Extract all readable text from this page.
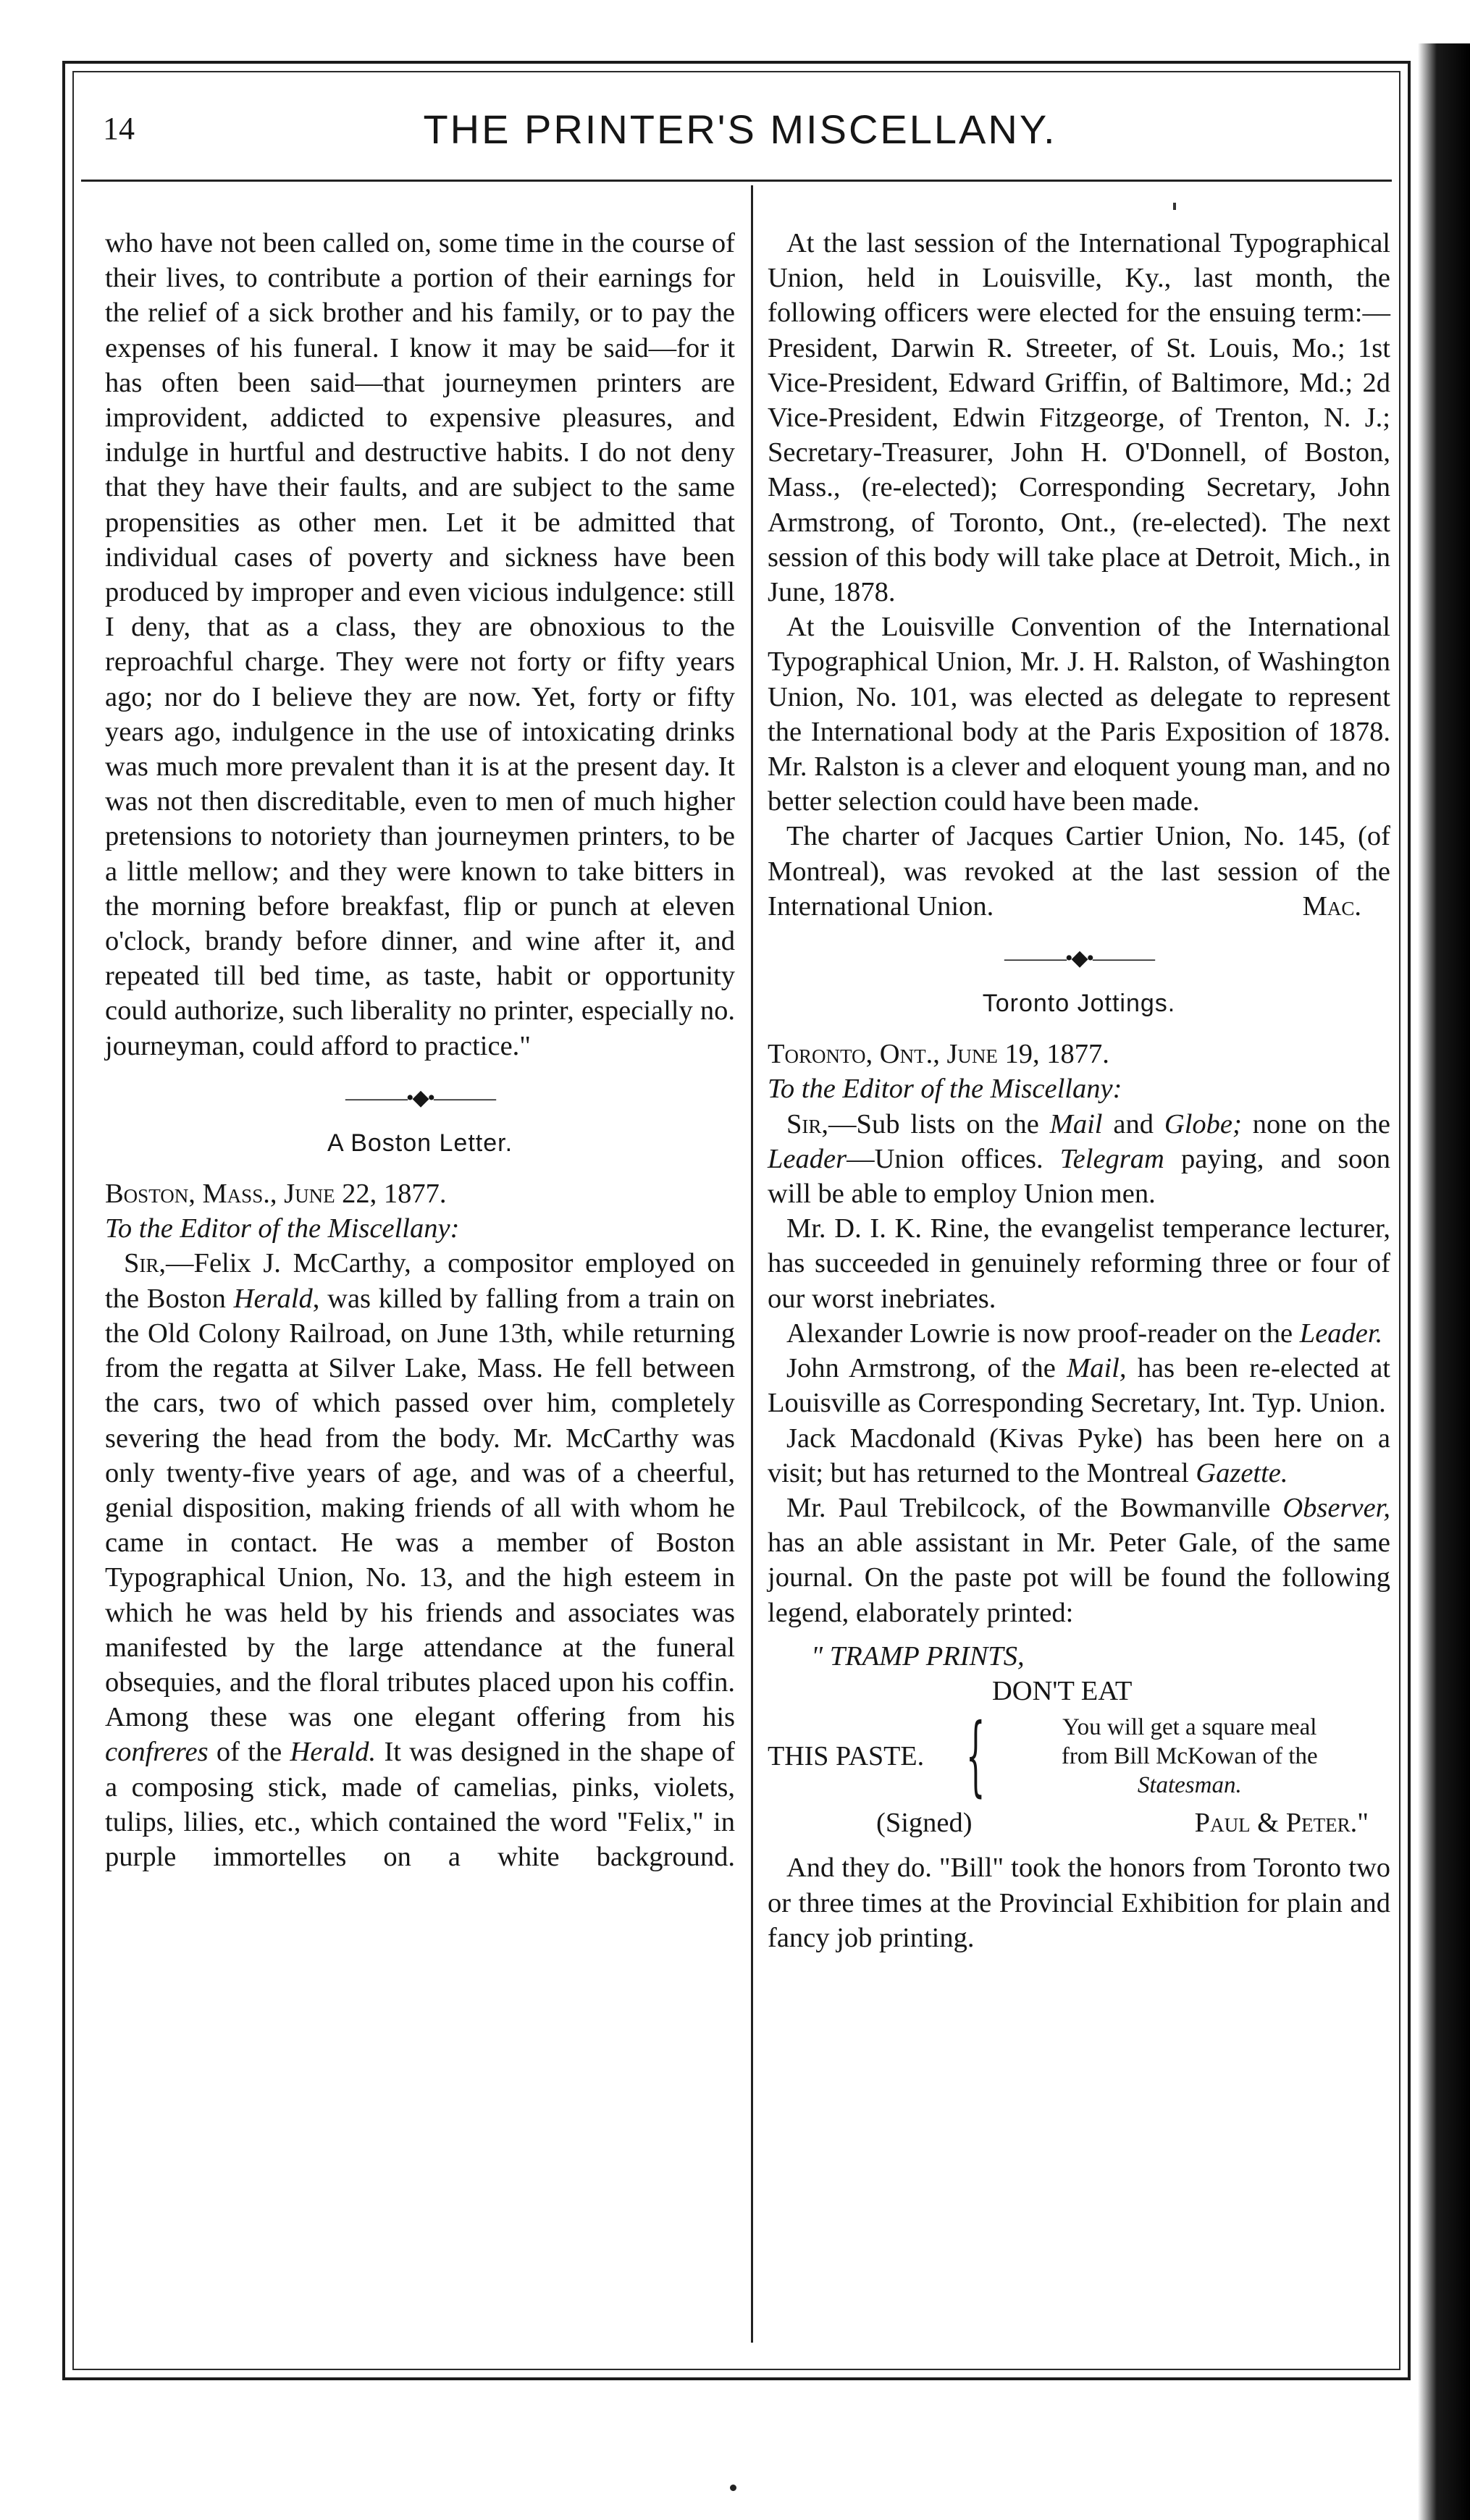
14	THE PRINTER'S MISCELLANY.

who have not been called on, some time in the course of their lives, to contribute a portion of their earnings for the relief of a sick brother and his family, or to pay the expenses of his funeral. I know it may be said—for it has often been said—that journeymen printers are improvident, addicted to expensive pleasures, and indulge in hurtful and destructive habits. I do not deny that they have their faults, and are subject to the same propensities as other men. Let it be admitted that individual cases of poverty and sickness have been produced by improper and even vicious indulgence: still I deny, that as a class, they are obnoxious to the reproachful charge. They were not forty or fifty years ago; nor do I believe they are now. Yet, forty or fifty years ago, indulgence in the use of intoxicating drinks was much more prevalent than it is at the present day. It was not then discreditable, even to men of much higher pretensions to notoriety than journeymen printers, to be a little mellow; and they were known to take bitters in the morning before breakfast, flip or punch at eleven o'clock, brandy before dinner, and wine after it, and repeated till bed time, as taste, habit or opportunity could authorize, such liberality no printer, especially no. journeyman, could afford to practice."

———•◆•———
A Boston Letter.

Boston, Mass., June 22, 1877.

To the Editor of the Miscellany:

Sir,—Felix J. McCarthy, a compositor employed on the Boston Herald, was killed by falling from a train on the Old Colony Railroad, on June 13th, while returning from the regatta at Silver Lake, Mass. He fell between the cars, two of which passed over him, completely severing the head from the body. Mr. McCarthy was only twenty-five years of age, and was of a cheerful, genial disposition, making friends of all with whom he came in contact. He was a member of Boston Typographical Union, No. 13, and the high esteem in which he was held by his friends and associates was manifested by the large attendance at the funeral obsequies, and the floral tributes placed upon his coffin. Among these was one elegant offering from his confreres of the Herald. It was designed in the shape of a composing stick, made of camelias, pinks, violets, tulips, lilies, etc., which contained the word "Felix," in purple immortelles on a white background.

At the last session of the International Typographical Union, held in Louisville, Ky., last month, the following officers were elected for the ensuing term:—President, Darwin R. Streeter, of St. Louis, Mo.; 1st Vice-President, Edward Griffin, of Baltimore, Md.; 2d Vice-President, Edwin Fitzgeorge, of Trenton, N. J.; Secretary-Treasurer, John H. O'Donnell, of Boston, Mass., (re-elected); Corresponding Secretary, John Armstrong, of Toronto, Ont., (re-elected). The next session of this body will take place at Detroit, Mich., in June, 1878.

At the Louisville Convention of the International Typographical Union, Mr. J. H. Ralston, of Washington Union, No. 101, was elected as delegate to represent the International body at the Paris Exposition of 1878. Mr. Ralston is a clever and eloquent young man, and no better selection could have been made.

The charter of Jacques Cartier Union, No. 145, (of Montreal), was revoked at the last session of the International Union.	Mac.

———•◆•———
Toronto Jottings.

Toronto, Ont., June 19, 1877.

To the Editor of the Miscellany:

Sir,—Sub lists on the Mail and Globe; none on the Leader—Union offices. Telegram paying, and soon will be able to employ Union men.

Mr. D. I. K. Rine, the evangelist temperance lecturer, has succeeded in genuinely reforming three or four of our worst inebriates.

Alexander Lowrie is now proof-reader on the Leader.

John Armstrong, of the Mail, has been re-elected at Louisville as Corresponding Secretary, Int. Typ. Union.

Jack Macdonald (Kivas Pyke) has been here on a visit; but has returned to the Montreal Gazette.

Mr. Paul Trebilcock, of the Bowmanville Observer, has an able assistant in Mr. Peter Gale, of the same journal. On the paste pot will be found the following legend, elaborately printed:

" TRAMP PRINTS,
DON'T EAT
THIS PASTE. {	You will get a square meal
from Bill McKowan of the
Statesman.
(Signed)	Paul & Peter."

And they do. "Bill" took the honors from Toronto two or three times at the Provincial Exhibition for plain and fancy job printing.
